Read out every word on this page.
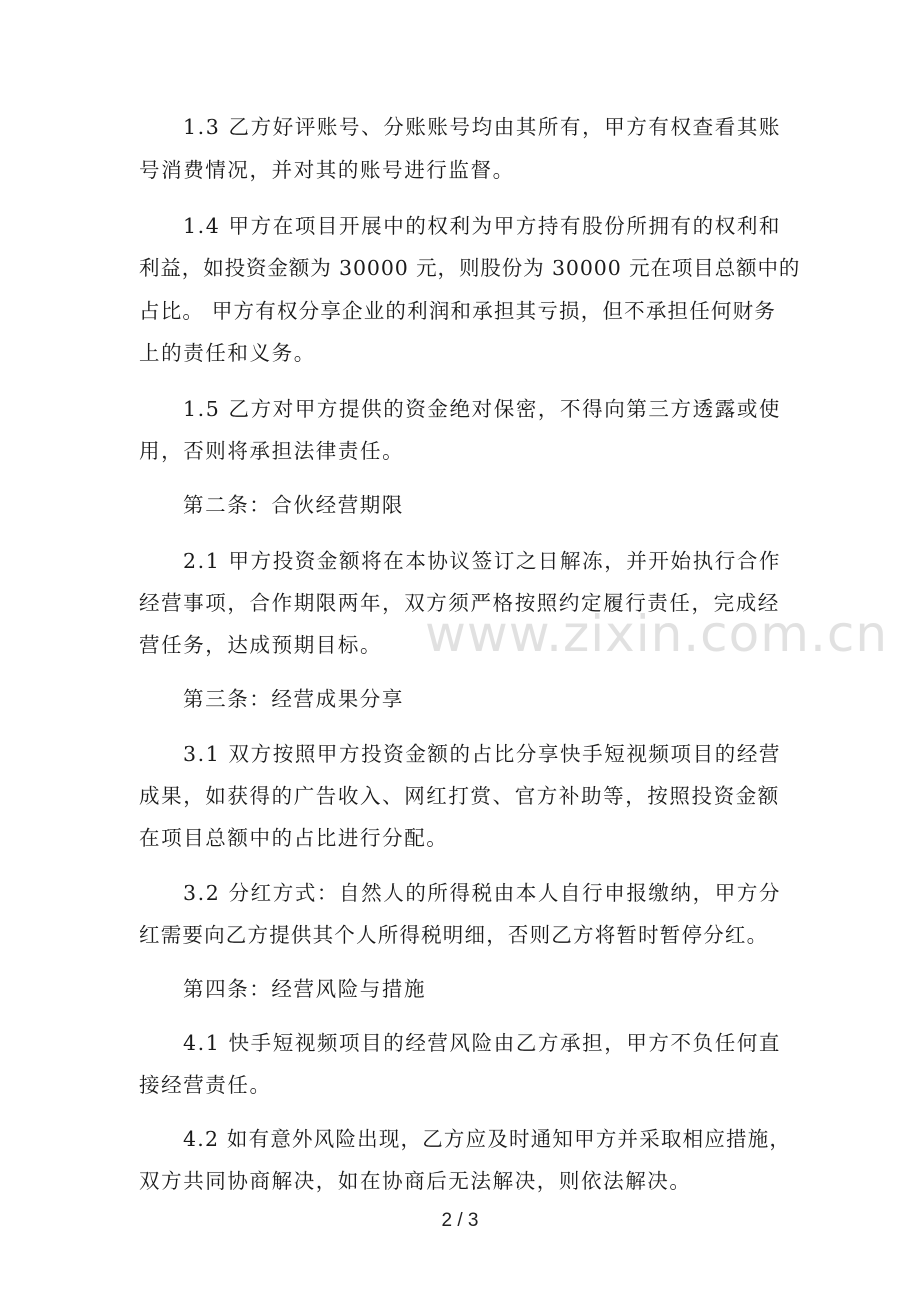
1.3 乙方好评账号、分账账号均由其所有，甲方有权查看其账
号消费情况，并对其的账号进行监督。
1.4 甲方在项目开展中的权利为甲方持有股份所拥有的权利和
利益，如投资金额为 30000 元，则股份为 30000 元在项目总额中的
占比。 甲方有权分享企业的利润和承担其亏损，但不承担任何财务
上的责任和义务。
1.5 乙方对甲方提供的资金绝对保密，不得向第三方透露或使
用，否则将承担法律责任。
第二条：合伙经营期限
2.1 甲方投资金额将在本协议签订之日解冻，并开始执行合作
经营事项，合作期限两年，双方须严格按照约定履行责任，完成经
营任务，达成预期目标。
第三条：经营成果分享
3.1 双方按照甲方投资金额的占比分享快手短视频项目的经营
成果，如获得的广告收入、网红打赏、官方补助等，按照投资金额
在项目总额中的占比进行分配。
3.2 分红方式：自然人的所得税由本人自行申报缴纳，甲方分
红需要向乙方提供其个人所得税明细，否则乙方将暂时暂停分红。
第四条：经营风险与措施
4.1 快手短视频项目的经营风险由乙方承担，甲方不负任何直
接经营责任。
4.2 如有意外风险出现，乙方应及时通知甲方并采取相应措施，
双方共同协商解决，如在协商后无法解决，则依法解决。
www.zixin.com.cn
2 / 3
